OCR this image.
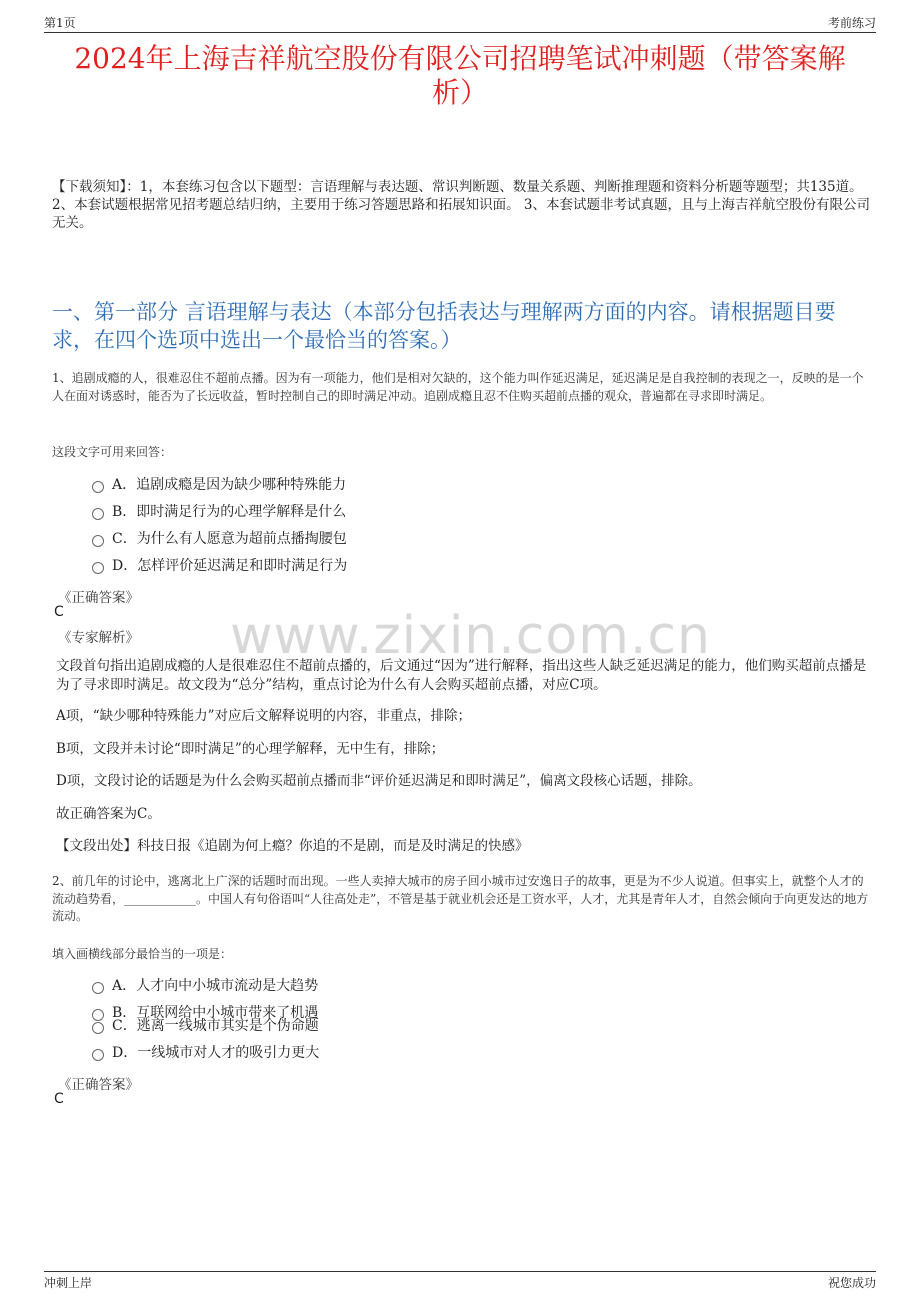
第1页	考前练习
2024年上海吉祥航空股份有限公司招聘笔试冲刺题（带答案解
析）
【下载须知】：1，本套练习包含以下题型：言语理解与表达题、常识判断题、数量关系题、判断推理题和资料分析题等题型；共135道。 2、本套试题根据常见招考题总结归纳，主要用于练习答题思路和拓展知识面。 3、本套试题非考试真题，且与上海吉祥航空股份有限公司无关。
一、第一部分 言语理解与表达（本部分包括表达与理解两方面的内容。请根据题目要求，在四个选项中选出一个最恰当的答案。）
1、追剧成瘾的人，很难忍住不超前点播。因为有一项能力，他们是相对欠缺的，这个能力叫作延迟满足，延迟满足是自我控制的表现之一，反映的是一个人在面对诱惑时，能否为了长远收益，暂时控制自己的即时满足冲动。追剧成瘾且忍不住购买超前点播的观众，普遍都在寻求即时满足。
这段文字可用来回答：
A．追剧成瘾是因为缺少哪种特殊能力
B．即时满足行为的心理学解释是什么
C．为什么有人愿意为超前点播掏腰包
D．怎样评价延迟满足和即时满足行为
《正确答案》
C
《专家解析》 www.zixin.com.cn
文段首句指出追剧成瘾的人是很难忍住不超前点播的，后文通过“因为”进行解释，指出这些人缺乏延迟满足的能力，他们购买超前点播是为了寻求即时满足。故文段为“总分”结构，重点讨论为什么有人会购买超前点播，对应C项。
A项，“缺少哪种特殊能力”对应后文解释说明的内容，非重点，排除；
B项，文段并未讨论“即时满足”的心理学解释，无中生有，排除；
D项，文段讨论的话题是为什么会购买超前点播而非“评价延迟满足和即时满足”，偏离文段核心话题，排除。
故正确答案为C。
【文段出处】科技日报《追剧为何上瘾？你追的不是剧，而是及时满足的快感》
2、前几年的讨论中，逃离北上广深的话题时而出现。一些人卖掉大城市的房子回小城市过安逸日子的故事，更是为不少人说道。但事实上，就整个人才的流动趋势看，____________。中国人有句俗语叫“人往高处走”，不管是基于就业机会还是工资水平，人才，尤其是青年人才，自然会倾向于向更发达的地方流动。
填入画横线部分最恰当的一项是：
A．人才向中小城市流动是大趋势
B．互联网给中小城市带来了机遇
C．逃离一线城市其实是个伪命题
D．一线城市对人才的吸引力更大
《正确答案》
C
冲刺上岸	祝您成功
